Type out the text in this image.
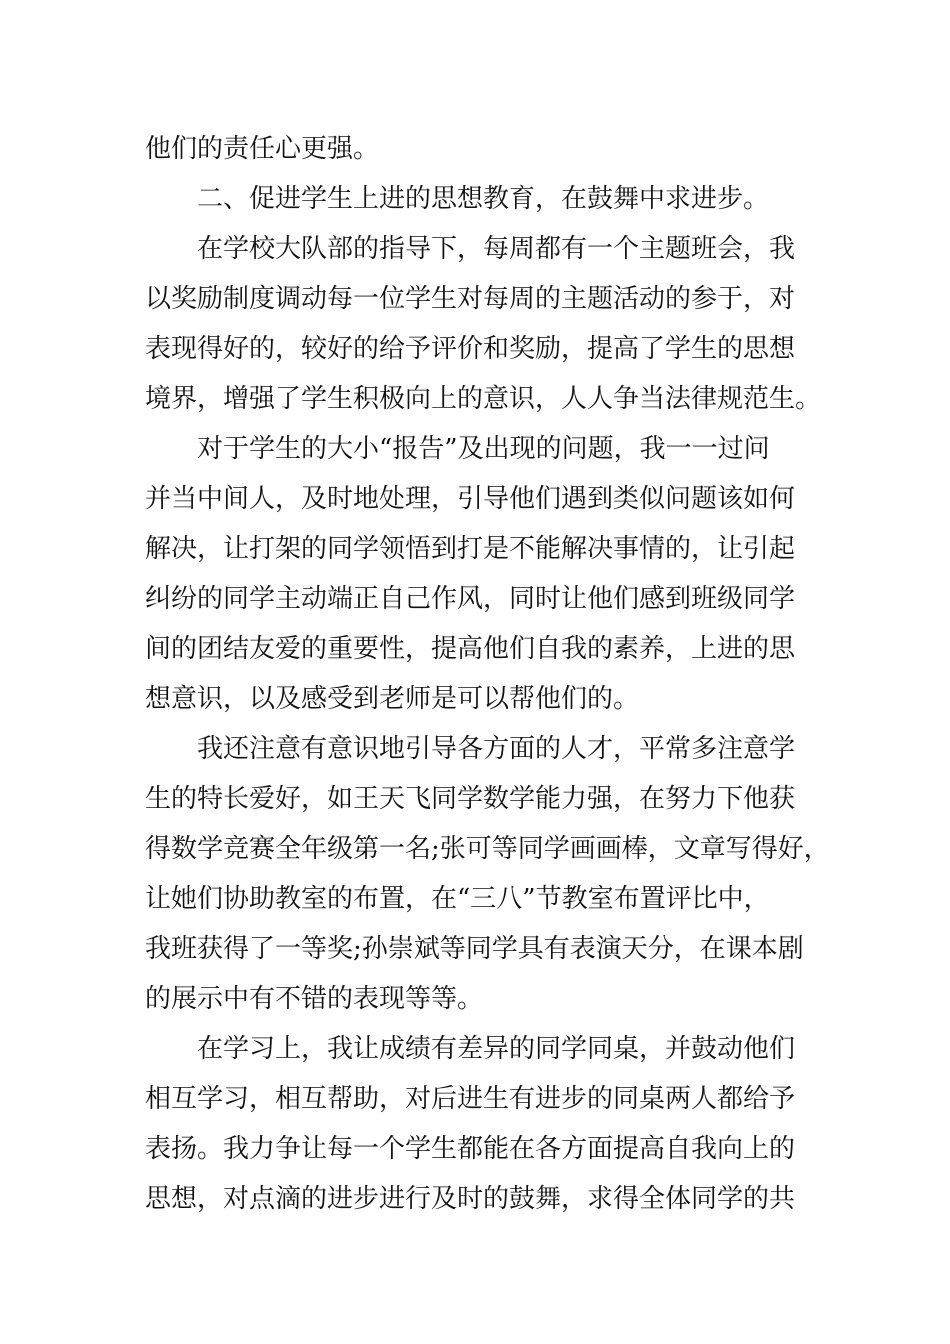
他们的责任心更强。
二、促进学生上进的思想教育，在鼓舞中求进步。
在学校大队部的指导下，每周都有一个主题班会，我
以奖励制度调动每一位学生对每周的主题活动的参于，对
表现得好的，较好的给予评价和奖励，提高了学生的思想
境界，增强了学生积极向上的意识，人人争当法律规范生。
对于学生的大小“报告”及出现的问题，我一一过问
并当中间人，及时地处理，引导他们遇到类似问题该如何
解决，让打架的同学领悟到打是不能解决事情的，让引起
纠纷的同学主动端正自己作风，同时让他们感到班级同学
间的团结友爱的重要性，提高他们自我的素养，上进的思
想意识，以及感受到老师是可以帮他们的。
我还注意有意识地引导各方面的人才，平常多注意学
生的特长爱好，如王天飞同学数学能力强，在努力下他获
得数学竞赛全年级第一名;张可等同学画画棒，文章写得好，
让她们协助教室的布置，在“三八”节教室布置评比中，
我班获得了一等奖;孙崇斌等同学具有表演天分，在课本剧
的展示中有不错的表现等等。
在学习上，我让成绩有差异的同学同桌，并鼓动他们
相互学习，相互帮助，对后进生有进步的同桌两人都给予
表扬。我力争让每一个学生都能在各方面提高自我向上的
思想，对点滴的进步进行及时的鼓舞，求得全体同学的共
